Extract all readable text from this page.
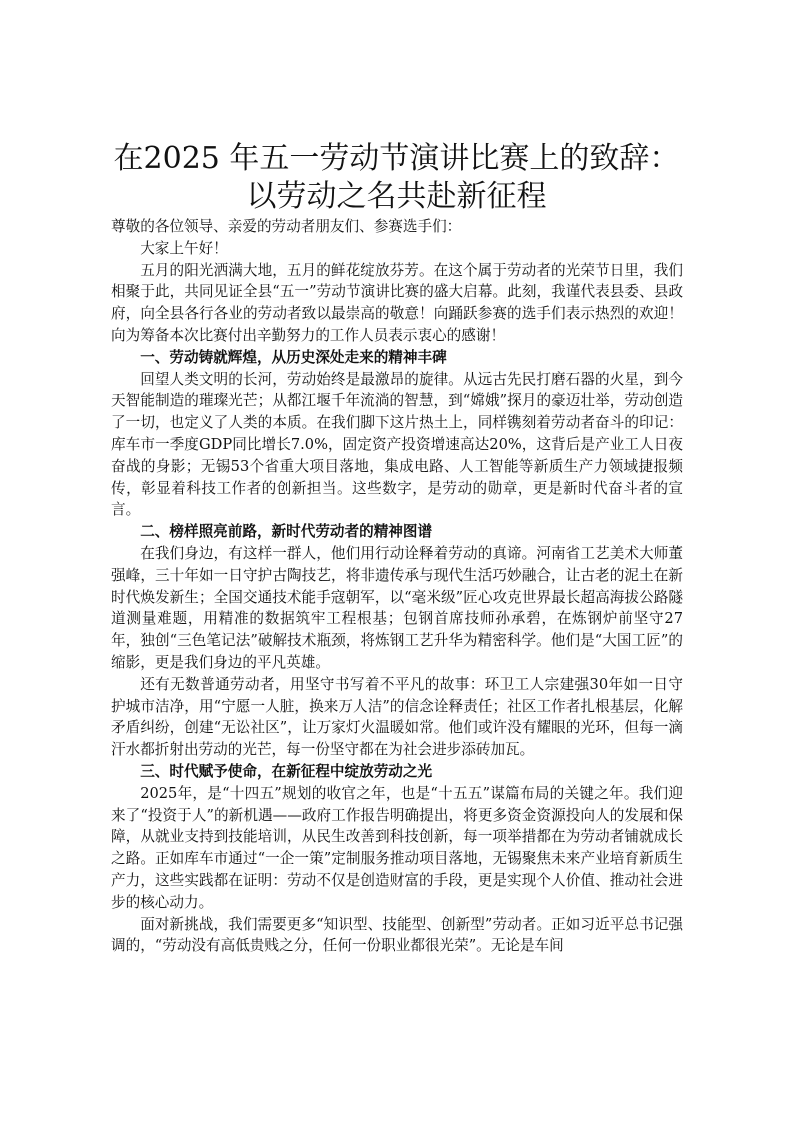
在2025 年五一劳动节演讲比赛上的致辞：以劳动之名共赴新征程

尊敬的各位领导、亲爱的劳动者朋友们、参赛选手们：

大家上午好！

五月的阳光洒满大地，五月的鲜花绽放芬芳。在这个属于劳动者的光荣节日里，我们相聚于此，共同见证全县“五一”劳动节演讲比赛的盛大启幕。此刻，我谨代表县委、县政府，向全县各行各业的劳动者致以最崇高的敬意！向踊跃参赛的选手们表示热烈的欢迎！向为筹备本次比赛付出辛勤努力的工作人员表示衷心的感谢！

一、劳动铸就辉煌，从历史深处走来的精神丰碑

回望人类文明的长河，劳动始终是最激昂的旋律。从远古先民打磨石器的火星，到今天智能制造的璀璨光芒；从都江堰千年流淌的智慧，到“嫦娥”探月的豪迈壮举，劳动创造了一切，也定义了人类的本质。在我们脚下这片热土上，同样镌刻着劳动者奋斗的印记：库车市一季度GDP同比增长7.0%，固定资产投资增速高达20%，这背后是产业工人日夜奋战的身影；无锡53个省重大项目落地，集成电路、人工智能等新质生产力领域捷报频传，彰显着科技工作者的创新担当。这些数字，是劳动的勋章，更是新时代奋斗者的宣言。

二、榜样照亮前路，新时代劳动者的精神图谱

在我们身边，有这样一群人，他们用行动诠释着劳动的真谛。河南省工艺美术大师董强峰，三十年如一日守护古陶技艺，将非遗传承与现代生活巧妙融合，让古老的泥土在新时代焕发新生；全国交通技术能手寇朝军，以“毫米级”匠心攻克世界最长超高海拔公路隧道测量难题，用精准的数据筑牢工程根基；包钢首席技师孙承碧，在炼钢炉前坚守27年，独创“三色笔记法”破解技术瓶颈，将炼钢工艺升华为精密科学。他们是“大国工匠”的缩影，更是我们身边的平凡英雄。

还有无数普通劳动者，用坚守书写着不平凡的故事：环卫工人宗建强30年如一日守护城市洁净，用“宁愿一人脏，换来万人洁”的信念诠释责任；社区工作者扎根基层，化解矛盾纠纷，创建“无讼社区”，让万家灯火温暖如常。他们或许没有耀眼的光环，但每一滴汗水都折射出劳动的光芒，每一份坚守都在为社会进步添砖加瓦。

三、时代赋予使命，在新征程中绽放劳动之光

2025年，是“十四五”规划的收官之年，也是“十五五”谋篇布局的关键之年。我们迎来了“投资于人”的新机遇——政府工作报告明确提出，将更多资金资源投向人的发展和保障，从就业支持到技能培训，从民生改善到科技创新，每一项举措都在为劳动者铺就成长之路。正如库车市通过“一企一策”定制服务推动项目落地，无锡聚焦未来产业培育新质生产力，这些实践都在证明：劳动不仅是创造财富的手段，更是实现个人价值、推动社会进步的核心动力。

面对新挑战，我们需要更多“知识型、技能型、创新型”劳动者。正如习近平总书记强调的，“劳动没有高低贵贱之分，任何一份职业都很光荣”。无论是车间
